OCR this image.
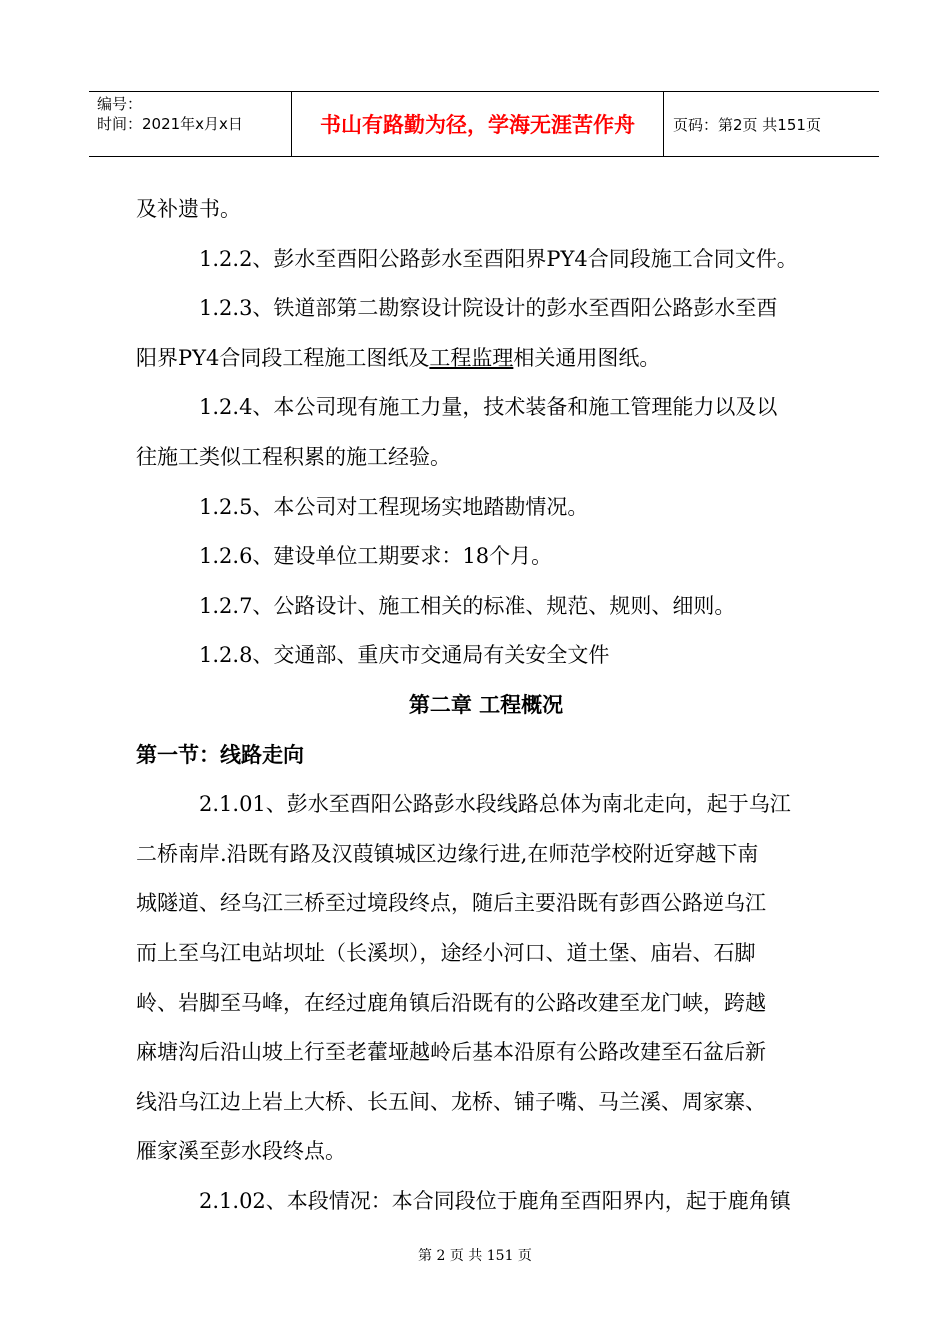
编号：
时间：2021年x月x日	书山有路勤为径，学海无涯苦作舟	页码：第2页 共151页
及补遗书。
1.2.2、彭水至酉阳公路彭水至酉阳界PY4合同段施工合同文件。
1.2.3、铁道部第二勘察设计院设计的彭水至酉阳公路彭水至酉
阳界PY4合同段工程施工图纸及工程监理相关通用图纸。
1.2.4、本公司现有施工力量，技术装备和施工管理能力以及以
往施工类似工程积累的施工经验。
1.2.5、本公司对工程现场实地踏勘情况。
1.2.6、建设单位工期要求：18个月。
1.2.7、公路设计、施工相关的标准、规范、规则、细则。
1.2.8、交通部、重庆市交通局有关安全文件
第二章 工程概况
第一节：线路走向
2.1.01、彭水至酉阳公路彭水段线路总体为南北走向，起于乌江
二桥南岸.沿既有路及汉葭镇城区边缘行进,在师范学校附近穿越下南
城隧道、经乌江三桥至过境段终点，随后主要沿既有彭酉公路逆乌江
而上至乌江电站坝址（长溪坝），途经小河口、道土堡、庙岩、石脚
岭、岩脚至马峰，在经过鹿角镇后沿既有的公路改建至龙门峡，跨越
麻塘沟后沿山坡上行至老藿垭越岭后基本沿原有公路改建至石盆后新
线沿乌江边上岩上大桥、长五间、龙桥、铺子嘴、马兰溪、周家寨、
雁家溪至彭水段终点。
2.1.02、本段情况：本合同段位于鹿角至酉阳界内，起于鹿角镇
第 2 页 共 151 页
